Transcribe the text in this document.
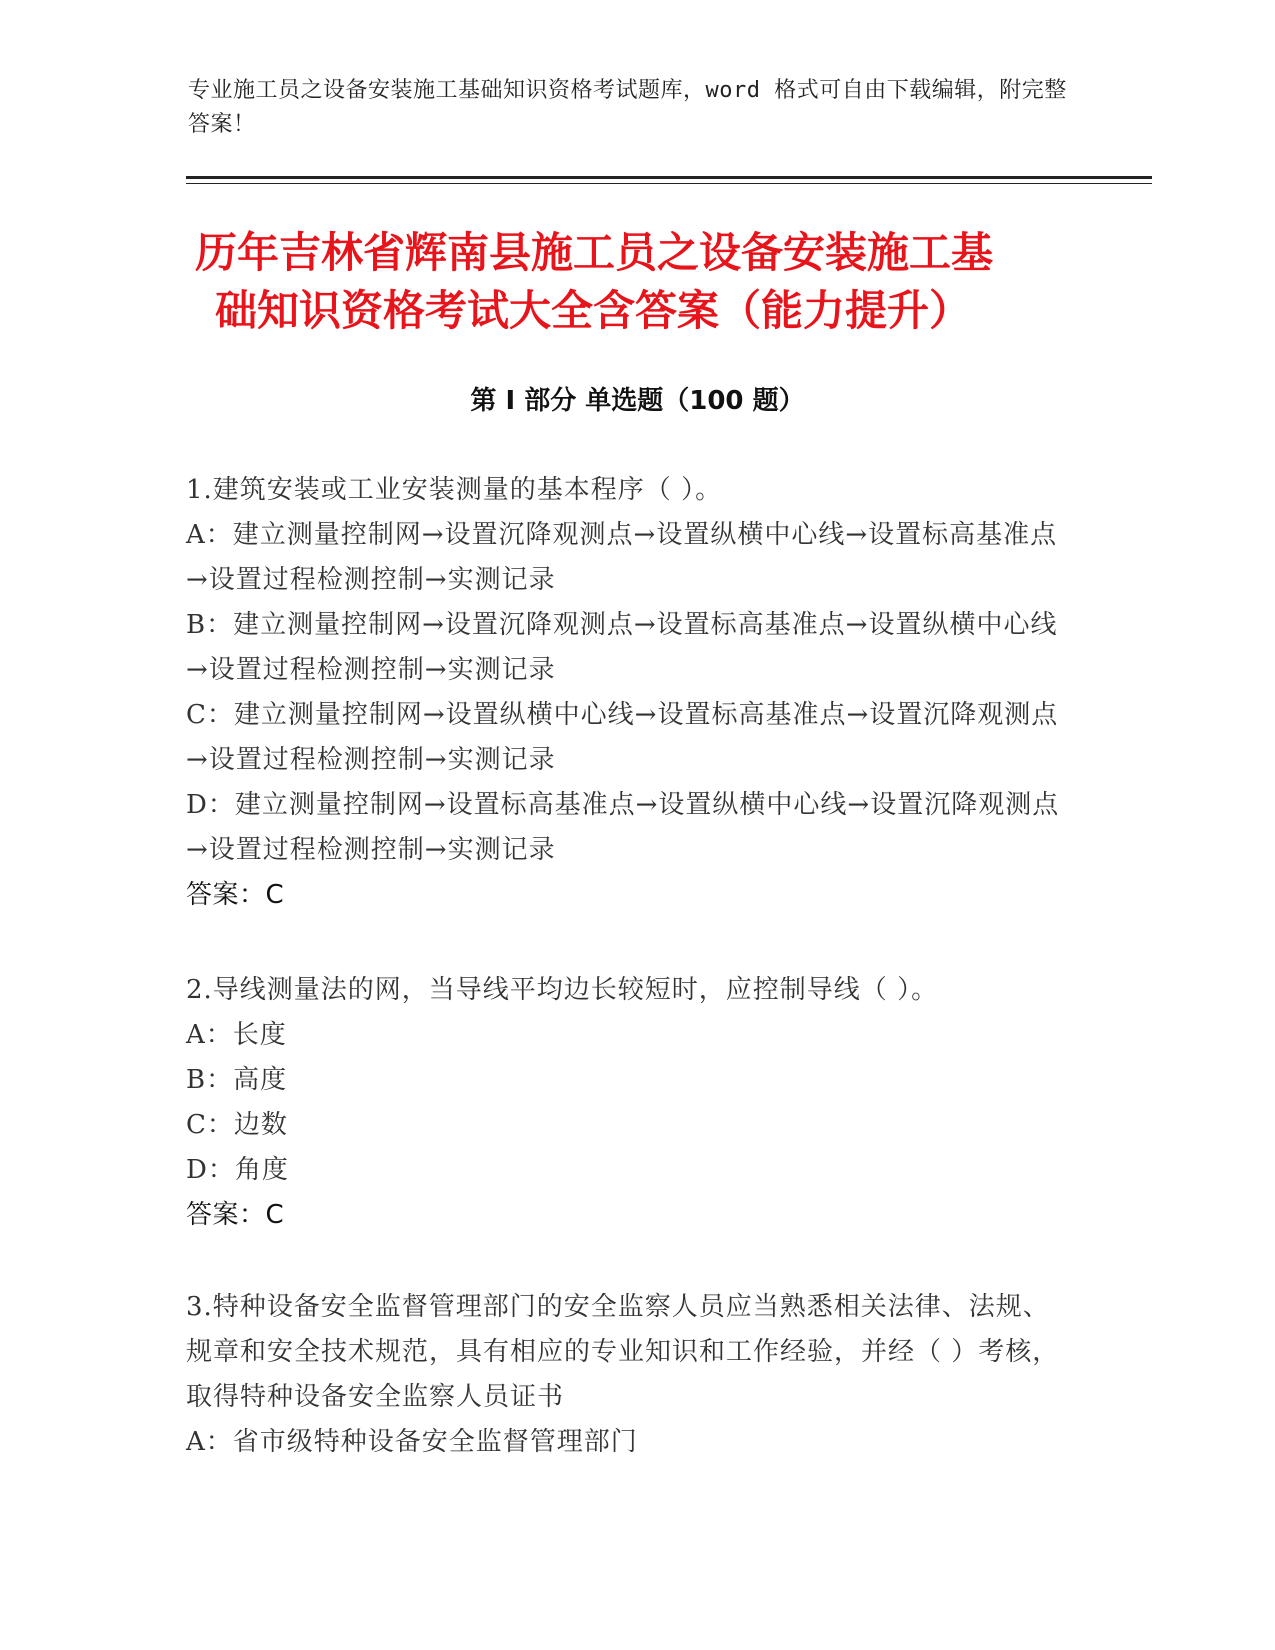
专业施工员之设备安装施工基础知识资格考试题库，word 格式可自由下载编辑，附完整答案！
历年吉林省辉南县施工员之设备安装施工基
础知识资格考试大全含答案（能力提升）
第 I 部分 单选题（100 题）
1.建筑安装或工业安装测量的基本程序（ ）。
A：建立测量控制网→设置沉降观测点→设置纵横中心线→设置标高基准点→设置过程检测控制→实测记录
B：建立测量控制网→设置沉降观测点→设置标高基准点→设置纵横中心线→设置过程检测控制→实测记录
C：建立测量控制网→设置纵横中心线→设置标高基准点→设置沉降观测点→设置过程检测控制→实测记录
D：建立测量控制网→设置标高基准点→设置纵横中心线→设置沉降观测点→设置过程检测控制→实测记录
答案：C
2.导线测量法的网，当导线平均边长较短时，应控制导线（ ）。
A：长度
B：高度
C：边数
D：角度
答案：C
3.特种设备安全监督管理部门的安全监察人员应当熟悉相关法律、法规、规章和安全技术规范，具有相应的专业知识和工作经验，并经（ ）考核，取得特种设备安全监察人员证书
A：省市级特种设备安全监督管理部门
